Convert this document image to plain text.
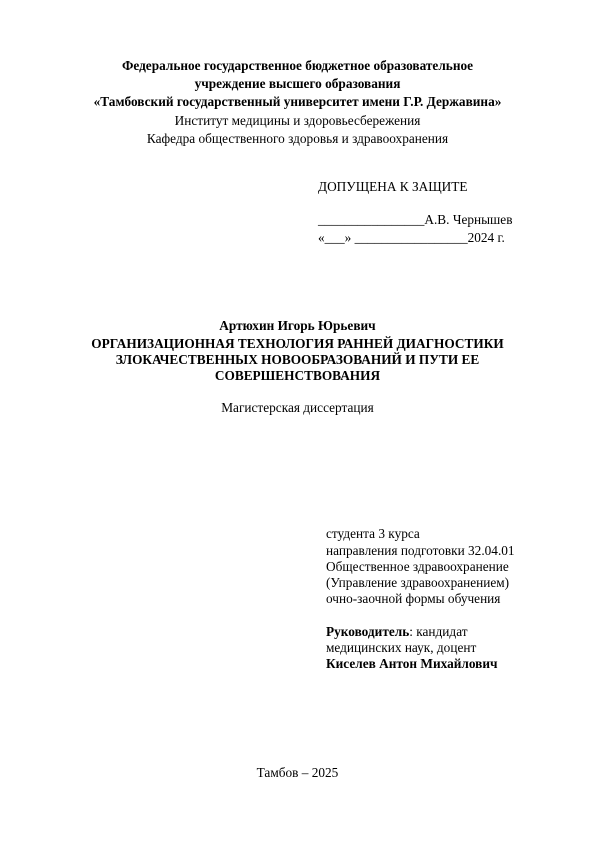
Федеральное государственное бюджетное образовательное
учреждение высшего образования
«Тамбовский государственный университет имени Г.Р. Державина»
Институт медицины и здоровьесбережения
Кафедра общественного здоровья и здравоохранения
ДОПУЩЕНА К ЗАЩИТЕ
________________А.В. Чернышев
«___» _________________2024 г.
Артюхин Игорь Юрьевич
ОРГАНИЗАЦИОННАЯ ТЕХНОЛОГИЯ РАННЕЙ ДИАГНОСТИКИ
ЗЛОКАЧЕСТВЕННЫХ НОВООБРАЗОВАНИЙ И ПУТИ ЕЕ
СОВЕРШЕНСТВОВАНИЯ
Магистерская диссертация
студента 3 курса
направления подготовки 32.04.01
Общественное здравоохранение
(Управление здравоохранением)
очно-заочной формы обучения
Руководитель: кандидат
медицинских наук, доцент
Киселев Антон Михайлович
Тамбов – 2025
